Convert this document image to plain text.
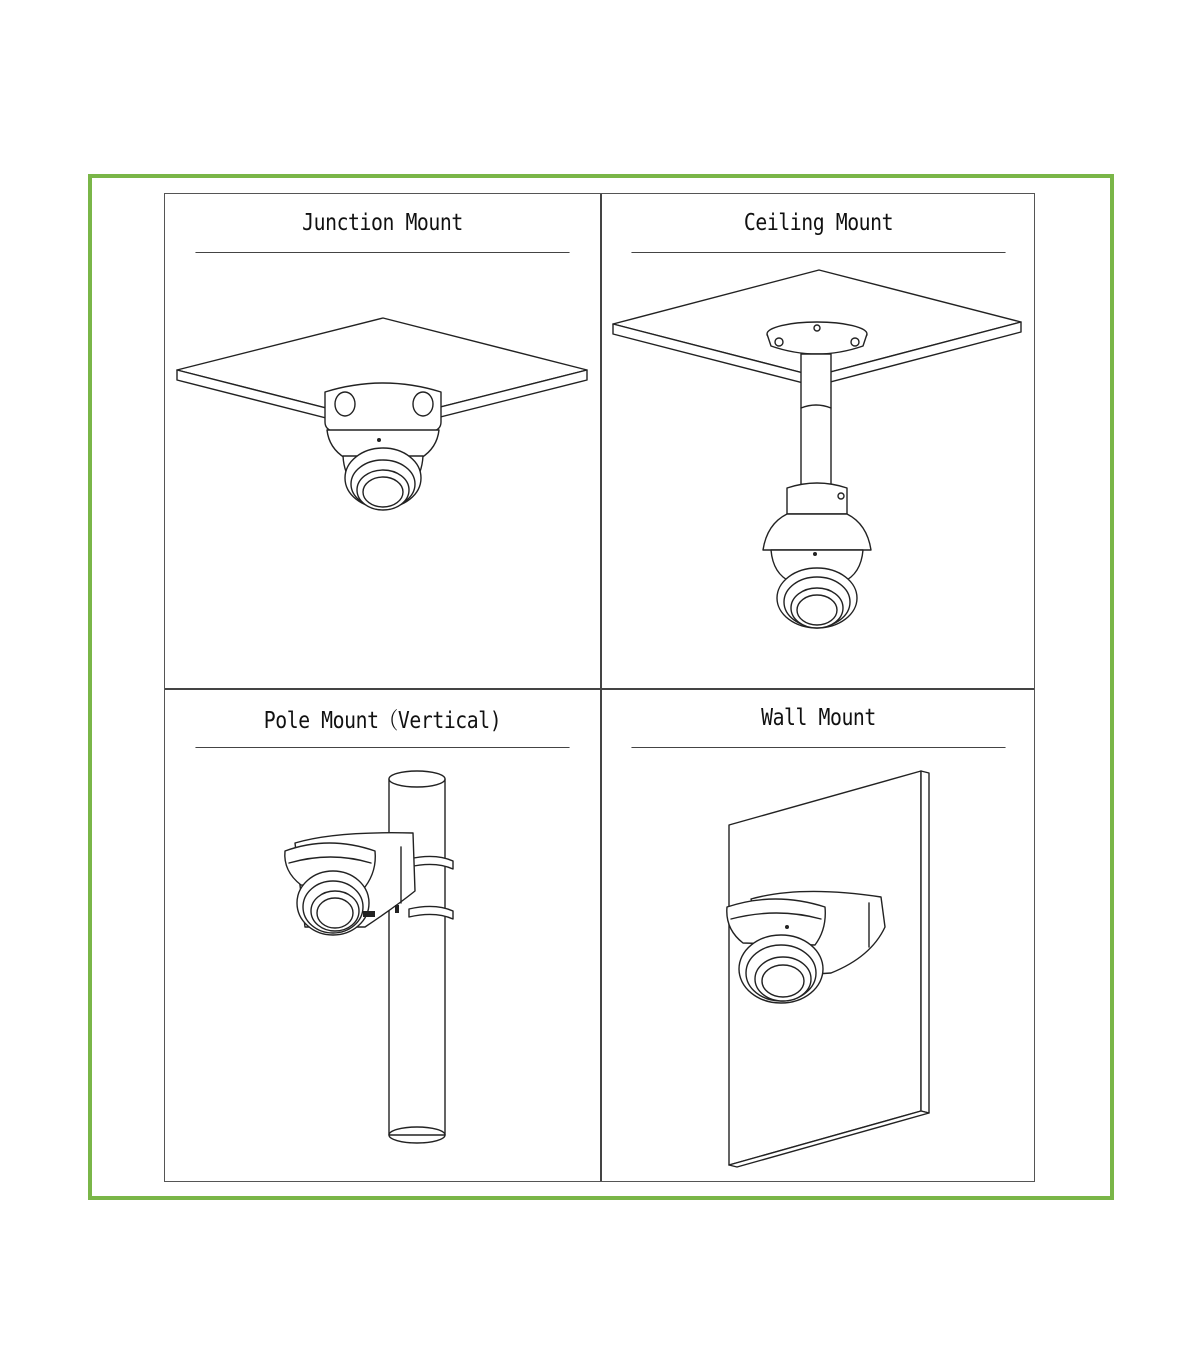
Junction Mount	Ceiling Mount
Pole Mount（Vertical)	Wall Mount
